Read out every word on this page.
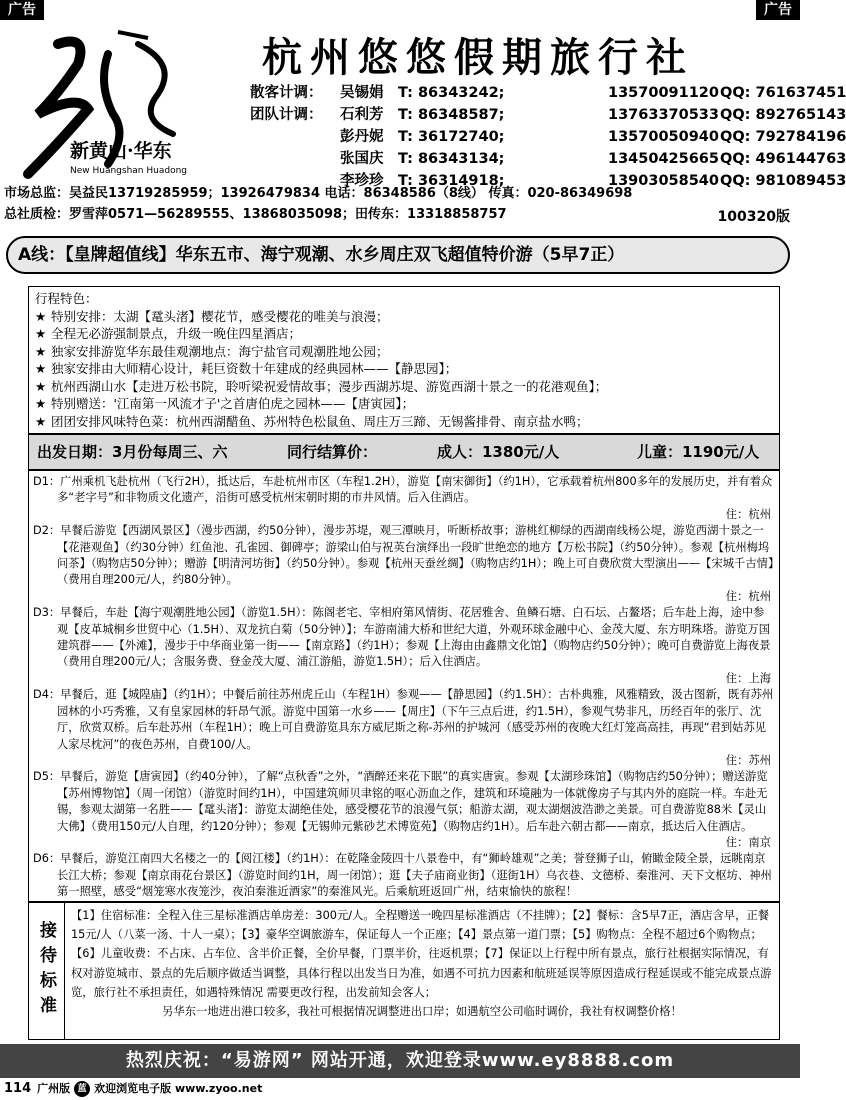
广告	广告
新黄山·华东
New Huangshan Huadong
杭州悠悠假期旅行社
散客计调： 吴锡娟 T: 86343242;	13570091120QQ: 761637451
团队计调： 石利芳 T: 86348587;	13763370533QQ: 892765143
彭丹妮 T: 36172740;	13570050940QQ: 792784196
张国庆 T: 86343134;	13450425665QQ: 496144763
李珍珍 T: 36314918;	13903058540QQ: 981089453
市场总监：吴益民13719285959；13926479834 电话：86348586（8线） 传真：020-86349698
总社质检：罗雪萍0571—56289555、13868035098；田传东：13318858757	100320版
A线：【皇牌超值线】华东五市、海宁观潮、水乡周庄双飞超值特价游（5早7正）
行程特色：
★ 特别安排：太湖【鼋头渚】樱花节，感受樱花的唯美与浪漫；
★ 全程无必游强制景点，升级一晚住四星酒店；
★ 独家安排游览华东最佳观潮地点：海宁盐官司观潮胜地公园；
★ 独家安排由大师精心设计，耗巨资数十年建成的经典园林——【静思园】；
★ 杭州西湖山水【走进万松书院，聆听梁祝爱情故事；漫步西湖苏堤、游览西湖十景之一的花港观鱼】；
★ 特别赠送：'江南第一风流才子'之首唐伯虎之园林——【唐寅园】；
★ 团团安排风味特色菜：杭州西湖醋鱼、苏州特色松鼠鱼、周庄万三蹄、无锡酱排骨、南京盐水鸭；
出发日期：3月份每周三、六	同行结算价：	成人：1380元/人	儿童：1190元/人
D1：广州乘机飞赴杭州（飞行2H），抵达后，车赴杭州市区（车程1.2H），游览【南宋御街】（约1H），它承载着杭州800多年的发展历史，并有着众多“老字号”和非物质文化遗产，沿街可感受杭州宋朝时期的市井风情。后入住酒店。
住：杭州
D2：早餐后游览【西湖风景区】（漫步西湖，约50分钟），漫步苏堤，观三潭映月，听断桥故事；游桃红柳绿的西湖南线杨公堤，游览西湖十景之一【花港观鱼】（约30分钟）红鱼池、孔雀园、御碑亭；游梁山伯与祝英台演绎出一段旷世绝恋的地方【万松书院】（约50分钟）。参观【杭州梅坞问茶】（购物店50分钟）；赠游【明清河坊街】（约50分钟）。参观【杭州天蚕丝绸】（购物店约1H）；晚上可自费欣赏大型演出——【宋城千古情】（费用自理200元/人，约80分钟）。
住：杭州
D3：早餐后，车赴【海宁观潮胜地公园】（游览1.5H）：陈阁老宅、宰相府第风情街、花居雅舍、鱼鳞石塘、白石坛、占鳌塔；后车赴上海，途中参观【皮革城桐乡世贸中心（1.5H）、双龙抗白菊（50分钟）】；车游南浦大桥和世纪大道，外观环球金融中心、金茂大厦、东方明珠塔。游览万国建筑群——【外滩】，漫步于中华商业第一街——【南京路】（约1H）；参观【上海由由鑫鼎文化馆】（购物店约50分钟）；晚可自费游览上海夜景（费用自理200元/人；含服务费、登金茂大厦、浦江游船，游览1.5H）；后入住酒店。
住：上海
D4：早餐后，逛【城隍庙】（约1H）；中餐后前往苏州虎丘山（车程1H）参观——【静思园】（约1.5H）：古朴典雅，风雅精致，汲古图新，既有苏州园林的小巧秀雅，又有皇家园林的轩昂气派。游览中国第一水乡——【周庄】（下午三点后进，约1.5H），参观气势非凡，历经百年的张厅、沈厅，欣赏双桥。后车赴苏州（车程1H）；晚上可自费游览具东方威尼斯之称-苏州的护城河（感受苏州的夜晚大红灯笼高高挂，再现“君到姑苏见人家尽枕河”的夜色苏州，自费100/人。
住：苏州
D5：早餐后，游览【唐寅园】（约40分钟），了解“点秋香”之外，“酒醉还来花下眠”的真实唐寅。参观【太湖珍珠馆】（购物店约50分钟）；赠送游览【苏州博物馆】（周一闭馆）（游览时间约1H），中国建筑师贝聿铭的呕心沥血之作，建筑和环境融为一体就像房子与其内外的庭院一样。车赴无锡，参观太湖第一名胜——【鼋头渚】：游览太湖绝佳处，感受樱花节的浪漫气氛；船游太湖，观太湖烟波浩渺之美景。可自费游览88米【灵山大佛】（费用150元/人自理，约120分钟）；参观【无锡帅元紫砂艺术博览苑】（购物店约1H）。后车赴六朝古都——南京，抵达后入住酒店。
住：南京
D6：早餐后，游览江南四大名楼之一的【阅江楼】（约1H）：在乾隆金陵四十八景卷中，有“狮岭雄观”之美；誉登狮子山，俯瞰金陵全景，远眺南京长江大桥；参观【南京雨花台景区】（游览时间约1H，周一闭馆）；逛【夫子庙商业街】（逛街1H）乌衣巷、文德桥、秦淮河、天下文枢坊、神州第一照壁，感受“烟笼寒水夜笼沙，夜泊秦淮近酒家”的秦淮风光。后乘航班返回广州，结束愉快的旅程！
接待标准
【1】住宿标准：全程入住三星标准酒店单房差：300元/人。全程赠送一晚四星标准酒店（不挂牌）；【2】餐标：含5早7正，酒店含早，正餐15元/人（八菜一汤、十人一桌）；【3】豪华空调旅游车，保证每人一个正座；【4】景点第一道门票；【5】购物点：全程不超过6个购物点；【6】儿童收费：不占床、占车位、含半价正餐，全价早餐，门票半价，往返机票；【7】保证以上行程中所有景点，旅行社根据实际情况，有权对游览城市、景点的先后顺序做适当调整，具体行程以出发当日为准，如遇不可抗力因素和航班延误等原因造成行程延误或不能完成景点游览，旅行社不承担责任，如遇特殊情况 需要更改行程，出发前知会客人；
另华东一地进出港口较多，我社可根据情况调整进出口岸；如遇航空公司临时调价，我社有权调整价格！
热烈庆祝：“易游网” 网站开通，欢迎登录www.ey8888.com
114 广州版 蓝 欢迎浏览电子版 www.zyoo.net
